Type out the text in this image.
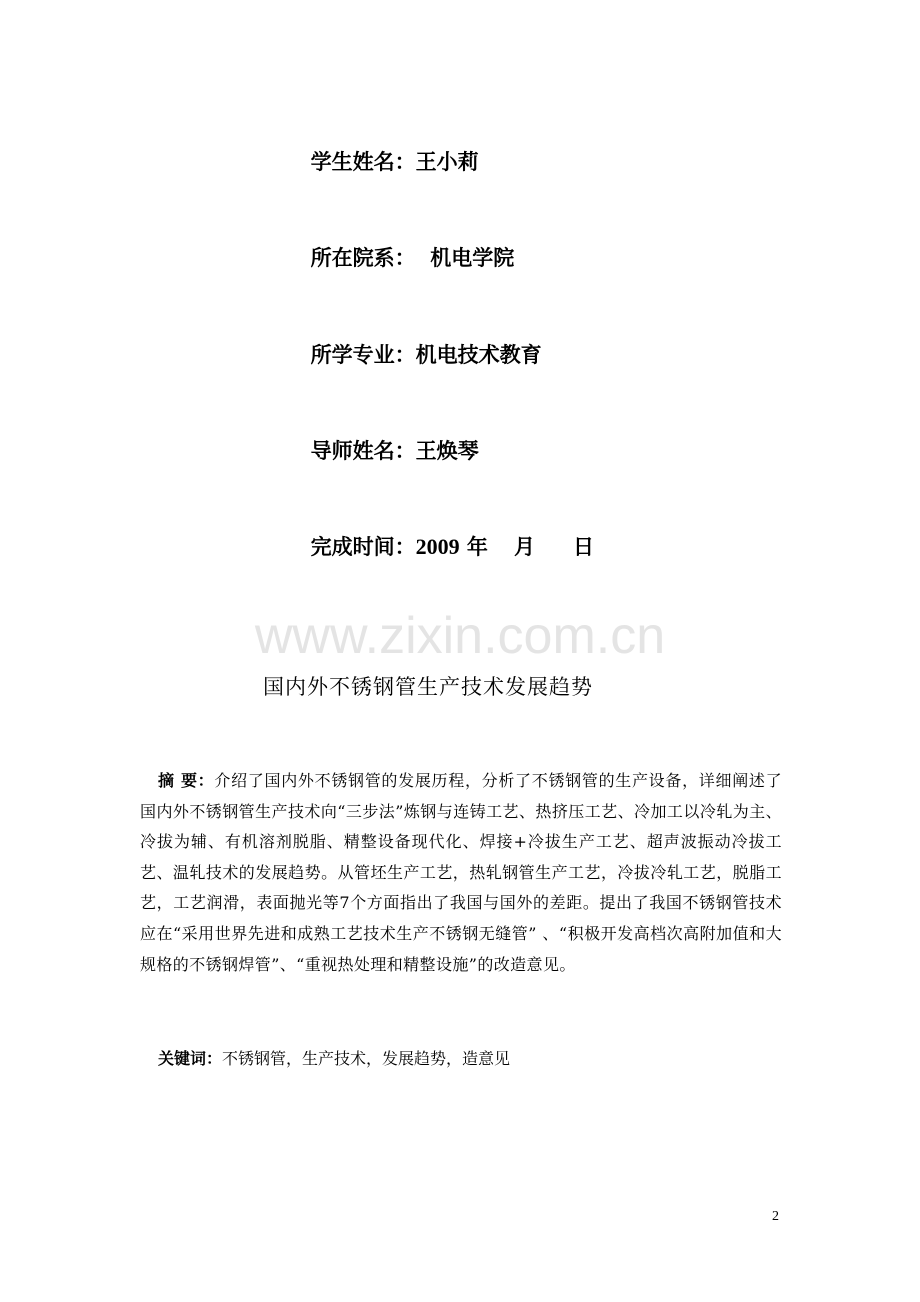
学生姓名：王小莉

所在院系：  机电学院

所学专业：机电技术教育

导师姓名：王焕琴

完成时间：2009 年 月 日

www.zixin.com.cn
国内外不锈钢管生产技术发展趋势
摘 要：介绍了国内外不锈钢管的发展历程，分析了不锈钢管的生产设备，详细阐述了国内外不锈钢管生产技术向“三步法”炼钢与连铸工艺、热挤压工艺、冷加工以冷轧为主、冷拔为辅、有机溶剂脱脂、精整设备现代化、焊接+冷拔生产工艺、超声波振动冷拔工艺、温轧技术的发展趋势。从管坯生产工艺，热轧钢管生产工艺，冷拔冷轧工艺，脱脂工艺，工艺润滑，表面抛光等7个方面指出了我国与国外的差距。提出了我国不锈钢管技术应在“采用世界先进和成熟工艺技术生产不锈钢无缝管” 、“积极开发高档次高附加值和大规格的不锈钢焊管”、“重视热处理和精整设施”的改造意见。
关键词：不锈钢管，生产技术，发展趋势，造意见
2
